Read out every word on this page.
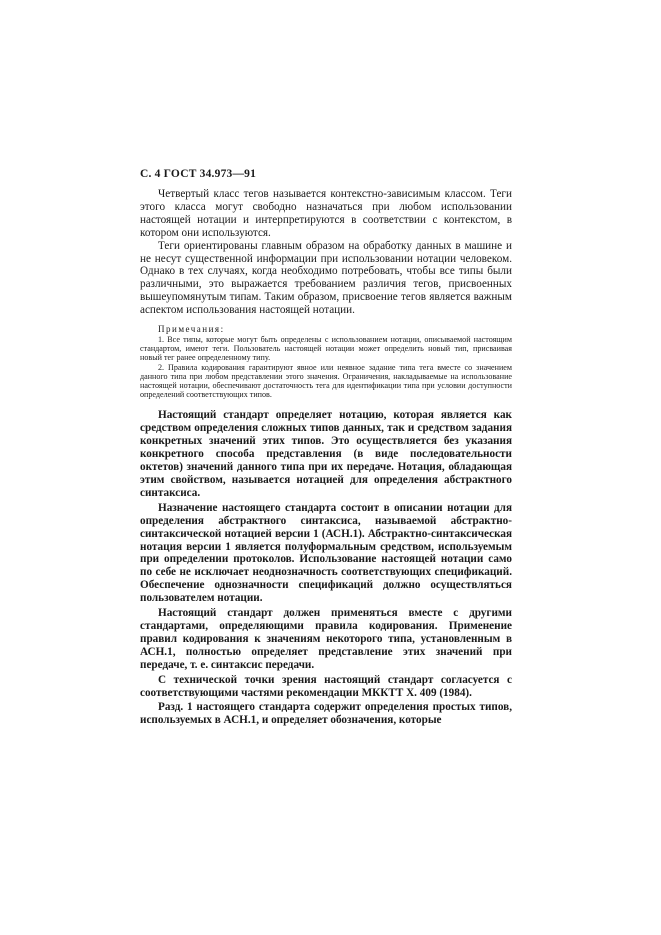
С. 4 ГОСТ 34.973—91

Четвертый класс тегов называется контекстно-зависимым классом. Теги этого класса могут свободно назначаться при любом использовании настоящей нотации и интерпретируются в соответствии с контекстом, в котором они используются.

Теги ориентированы главным образом на обработку данных в машине и не несут существенной информации при использовании нотации человеком. Однако в тех случаях, когда необходимо потребовать, чтобы все типы были различными, это выражается требованием различия тегов, присвоенных вышеупомянутым типам. Таким образом, присвоение тегов является важным аспектом использования настоящей нотации.

Примечания:

1. Все типы, которые могут быть определены с использованием нотации, описываемой настоящим стандартом, имеют теги. Пользователь настоящей нотации может определить новый тип, присваивая новый тег ранее определенному типу.

2. Правила кодирования гарантируют явное или неявное задание типа тега вместе со значением данного типа при любом представлении этого значения. Ограничения, накладываемые на использование настоящей нотации, обеспечивают достаточность тега для идентификации типа при условии доступности определений соответствующих типов.

Настоящий стандарт определяет нотацию, которая является как средством определения сложных типов данных, так и средством задания конкретных значений этих типов. Это осуществляется без указания конкретного способа представления (в виде последовательности октетов) значений данного типа при их передаче. Нотация, обладающая этим свойством, называется нотацией для определения абстрактного синтаксиса.

Назначение настоящего стандарта состоит в описании нотации для определения абстрактного синтаксиса, называемой абстрактно-синтаксической нотацией версии 1 (АСН.1). Абстрактно-синтаксическая нотация версии 1 является полуформальным средством, используемым при определении протоколов. Использование настоящей нотации само по себе не исключает неоднозначность соответствующих спецификаций. Обеспечение однозначности спецификаций должно осуществляться пользователем нотации.

Настоящий стандарт должен применяться вместе с другими стандартами, определяющими правила кодирования. Применение правил кодирования к значениям некоторого типа, установленным в АСН.1, полностью определяет представление этих значений при передаче, т. е. синтаксис передачи.

С технической точки зрения настоящий стандарт согласуется с соответствующими частями рекомендации МККТТ Х. 409 (1984).

Разд. 1 настоящего стандарта содержит определения простых типов, используемых в АСН.1, и определяет обозначения, которые
